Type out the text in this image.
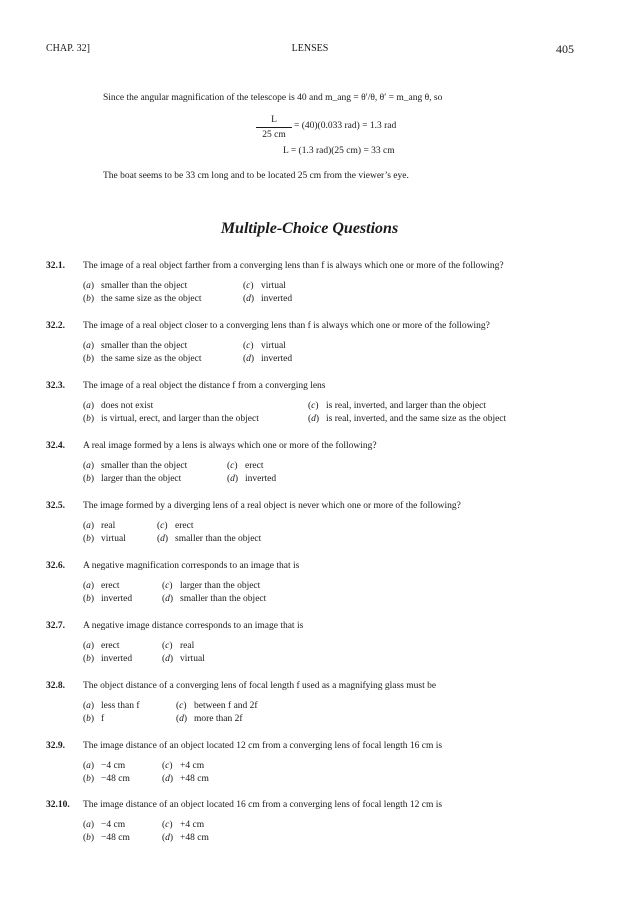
CHAP. 32]	LENSES	405
Since the angular magnification of the telescope is 40 and m_ang = θ′/θ, θ′ = m_ang θ, so
L
25 cm
= (40)(0.033 rad) = 1.3 rad
L = (1.3 rad)(25 cm) = 33 cm
The boat seems to be 33 cm long and to be located 25 cm from the viewer’s eye.
Multiple-Choice Questions
32.1. The image of a real object farther from a converging lens than f is always which one or more of the following?
(a) smaller than the object
(b) the same size as the object
(c) virtual
(d) inverted
32.2. The image of a real object closer to a converging lens than f is always which one or more of the following?
(a) smaller than the object
(b) the same size as the object
(c) virtual
(d) inverted
32.3. The image of a real object the distance f from a converging lens
(a) does not exist
(b) is virtual, erect, and larger than the object
(c) is real, inverted, and larger than the object
(d) is real, inverted, and the same size as the object
32.4. A real image formed by a lens is always which one or more of the following?
(a) smaller than the object
(b) larger than the object
(c) erect
(d) inverted
32.5. The image formed by a diverging lens of a real object is never which one or more of the following?
(a) real
(b) virtual
(c) erect
(d) smaller than the object
32.6. A negative magnification corresponds to an image that is
(a) erect
(b) inverted
(c) larger than the object
(d) smaller than the object
32.7. A negative image distance corresponds to an image that is
(a) erect
(b) inverted
(c) real
(d) virtual
32.8. The object distance of a converging lens of focal length f used as a magnifying glass must be
(a) less than f
(b) f
(c) between f and 2f
(d) more than 2f
32.9. The image distance of an object located 12 cm from a converging lens of focal length 16 cm is
(a) −4 cm
(b) −48 cm
(c) +4 cm
(d) +48 cm
32.10. The image distance of an object located 16 cm from a converging lens of focal length 12 cm is
(a) −4 cm
(b) −48 cm
(c) +4 cm
(d) +48 cm
